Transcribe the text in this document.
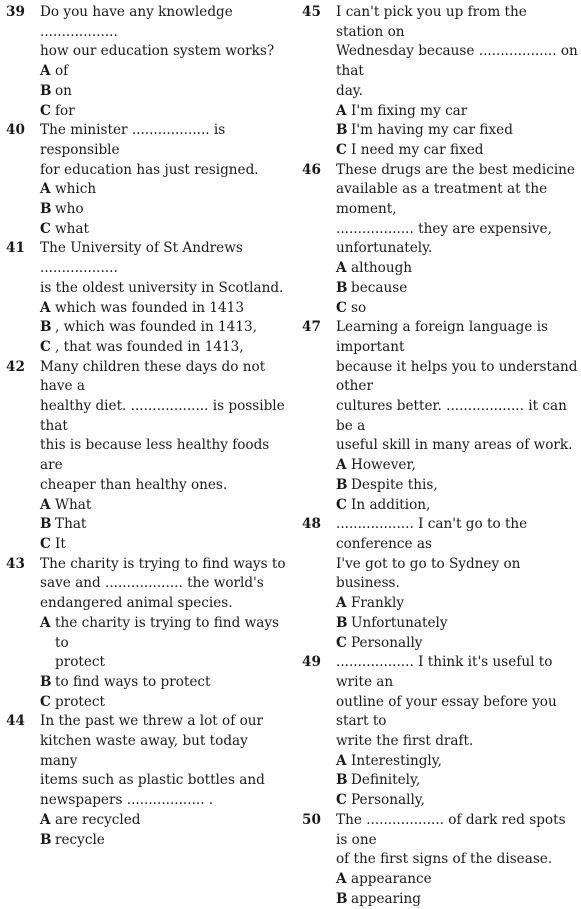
39 Do you have any knowledge ..................
how our education system works?
A of
B on
C for
40 The minister .................. is responsible
for education has just resigned.
A which
B who
C what
41 The University of St Andrews ..................
is the oldest university in Scotland.
A which was founded in 1413
B , which was founded in 1413,
C , that was founded in 1413,
42 Many children these days do not have a
healthy diet. .................. is possible that
this is because less healthy foods are
cheaper than healthy ones.
A What
B That
C It
43 The charity is trying to find ways to
save and .................. the world's
endangered animal species.
A the charity is trying to find ways to
protect
B to find ways to protect
C protect
44 In the past we threw a lot of our
kitchen waste away, but today many
items such as plastic bottles and
newspapers .................. .
A are recycled
B recycle
45 I can't pick you up from the station on
Wednesday because .................. on that
day.
A I'm fixing my car
B I'm having my car fixed
C I need my car fixed
46 These drugs are the best medicine
available as a treatment at the moment,
.................. they are expensive,
unfortunately.
A although
B because
C so
47 Learning a foreign language is important
because it helps you to understand other
cultures better. .................. it can be a
useful skill in many areas of work.
A However,
B Despite this,
C In addition,
48 .................. I can't go to the conference as
I've got to go to Sydney on business.
A Frankly
B Unfortunately
C Personally
49 .................. I think it's useful to write an
outline of your essay before you start to
write the first draft.
A Interestingly,
B Definitely,
C Personally,
50 The .................. of dark red spots is one
of the first signs of the disease.
A appearance
B appearing
